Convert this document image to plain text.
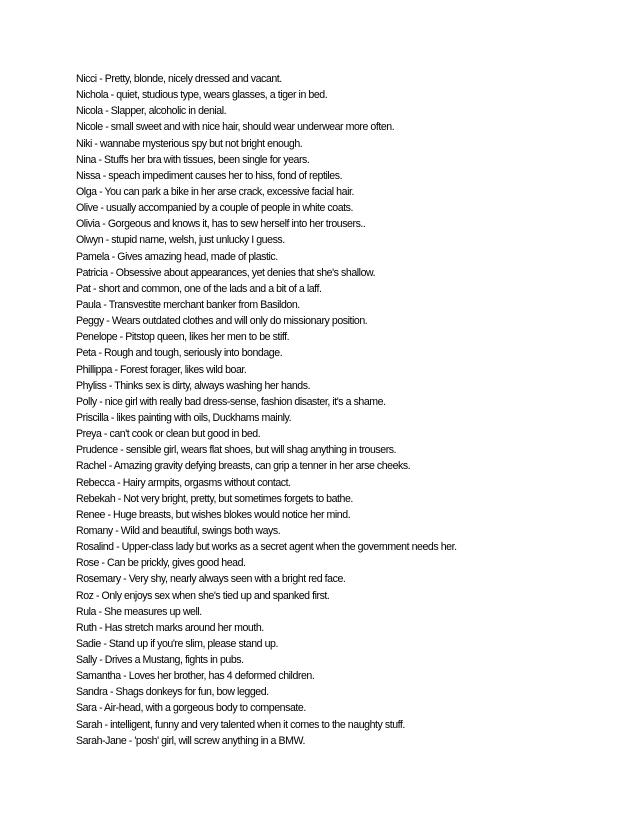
Nicci - Pretty, blonde, nicely dressed and vacant.
Nichola - quiet, studious type, wears glasses, a tiger in bed.
Nicola - Slapper, alcoholic in denial.
Nicole - small sweet and with nice hair, should wear underwear more often.
Niki - wannabe mysterious spy but not bright enough.
Nina - Stuffs her bra with tissues, been single for years.
Nissa - speach impediment causes her to hiss, fond of reptiles.
Olga - You can park a bike in her arse crack, excessive facial hair.
Olive - usually accompanied by a couple of people in white coats.
Olivia - Gorgeous and knows it, has to sew herself into her trousers..
Olwyn - stupid name, welsh, just unlucky I guess.
Pamela - Gives amazing head, made of plastic.
Patricia - Obsessive about appearances, yet denies that she's shallow.
Pat - short and common, one of the lads and a bit of a laff.
Paula - Transvestite merchant banker from Basildon.
Peggy - Wears outdated clothes and will only do missionary position.
Penelope - Pitstop queen, likes her men to be stiff.
Peta - Rough and tough, seriously into bondage.
Phillippa - Forest forager, likes wild boar.
Phyliss - Thinks sex is dirty, always washing her hands.
Polly - nice girl with really bad dress-sense, fashion disaster, it's a shame.
Priscilla - likes painting with oils, Duckhams mainly.
Preya - can't cook or clean but good in bed.
Prudence - sensible girl, wears flat shoes, but will shag anything in trousers.
Rachel - Amazing gravity defying breasts, can grip a tenner in her arse cheeks.
Rebecca - Hairy armpits, orgasms without contact.
Rebekah - Not very bright, pretty, but sometimes forgets to bathe.
Renee - Huge breasts, but wishes blokes would notice her mind.
Romany - Wild and beautiful, swings both ways.
Rosalind - Upper-class lady but works as a secret agent when the government needs her.
Rose - Can be prickly, gives good head.
Rosemary - Very shy, nearly always seen with a bright red face.
Roz - Only enjoys sex when she's tied up and spanked first.
Rula - She measures up well.
Ruth - Has stretch marks around her mouth.
Sadie - Stand up if you're slim, please stand up.
Sally - Drives a Mustang, fights in pubs.
Samantha - Loves her brother, has 4 deformed children.
Sandra - Shags donkeys for fun, bow legged.
Sara - Air-head, with a gorgeous body to compensate.
Sarah - intelligent, funny and very talented when it comes to the naughty stuff.
Sarah-Jane - 'posh' girl, will screw anything in a BMW.
